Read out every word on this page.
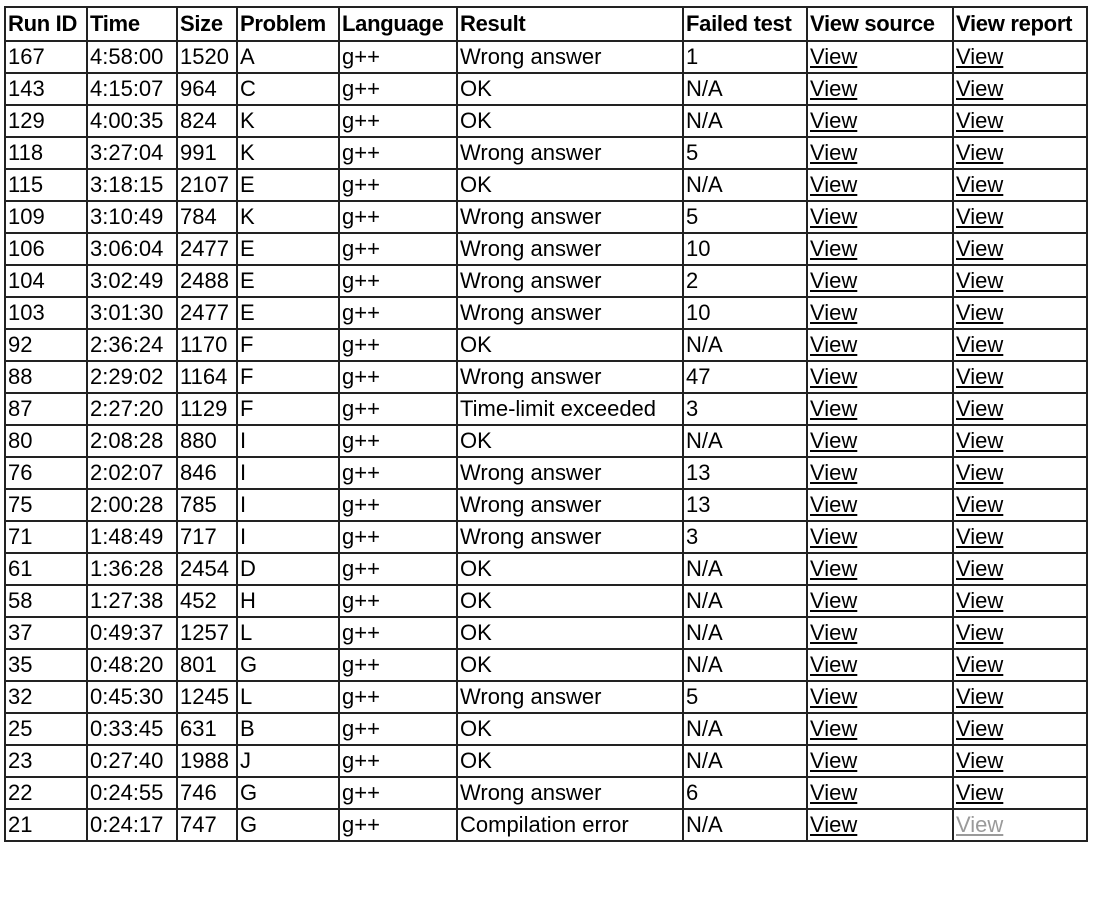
Run ID	Time	Size	Problem	Language	Result	Failed test	View source	View report
167	4:58:00	1520	A	g++	Wrong answer	1	View	View
143	4:15:07	964	C	g++	OK	N/A	View	View
129	4:00:35	824	K	g++	OK	N/A	View	View
118	3:27:04	991	K	g++	Wrong answer	5	View	View
115	3:18:15	2107	E	g++	OK	N/A	View	View
109	3:10:49	784	K	g++	Wrong answer	5	View	View
106	3:06:04	2477	E	g++	Wrong answer	10	View	View
104	3:02:49	2488	E	g++	Wrong answer	2	View	View
103	3:01:30	2477	E	g++	Wrong answer	10	View	View
92	2:36:24	1170	F	g++	OK	N/A	View	View
88	2:29:02	1164	F	g++	Wrong answer	47	View	View
87	2:27:20	1129	F	g++	Time-limit exceeded	3	View	View
80	2:08:28	880	I	g++	OK	N/A	View	View
76	2:02:07	846	I	g++	Wrong answer	13	View	View
75	2:00:28	785	I	g++	Wrong answer	13	View	View
71	1:48:49	717	I	g++	Wrong answer	3	View	View
61	1:36:28	2454	D	g++	OK	N/A	View	View
58	1:27:38	452	H	g++	OK	N/A	View	View
37	0:49:37	1257	L	g++	OK	N/A	View	View
35	0:48:20	801	G	g++	OK	N/A	View	View
32	0:45:30	1245	L	g++	Wrong answer	5	View	View
25	0:33:45	631	B	g++	OK	N/A	View	View
23	0:27:40	1988	J	g++	OK	N/A	View	View
22	0:24:55	746	G	g++	Wrong answer	6	View	View
21	0:24:17	747	G	g++	Compilation error	N/A	View	View
